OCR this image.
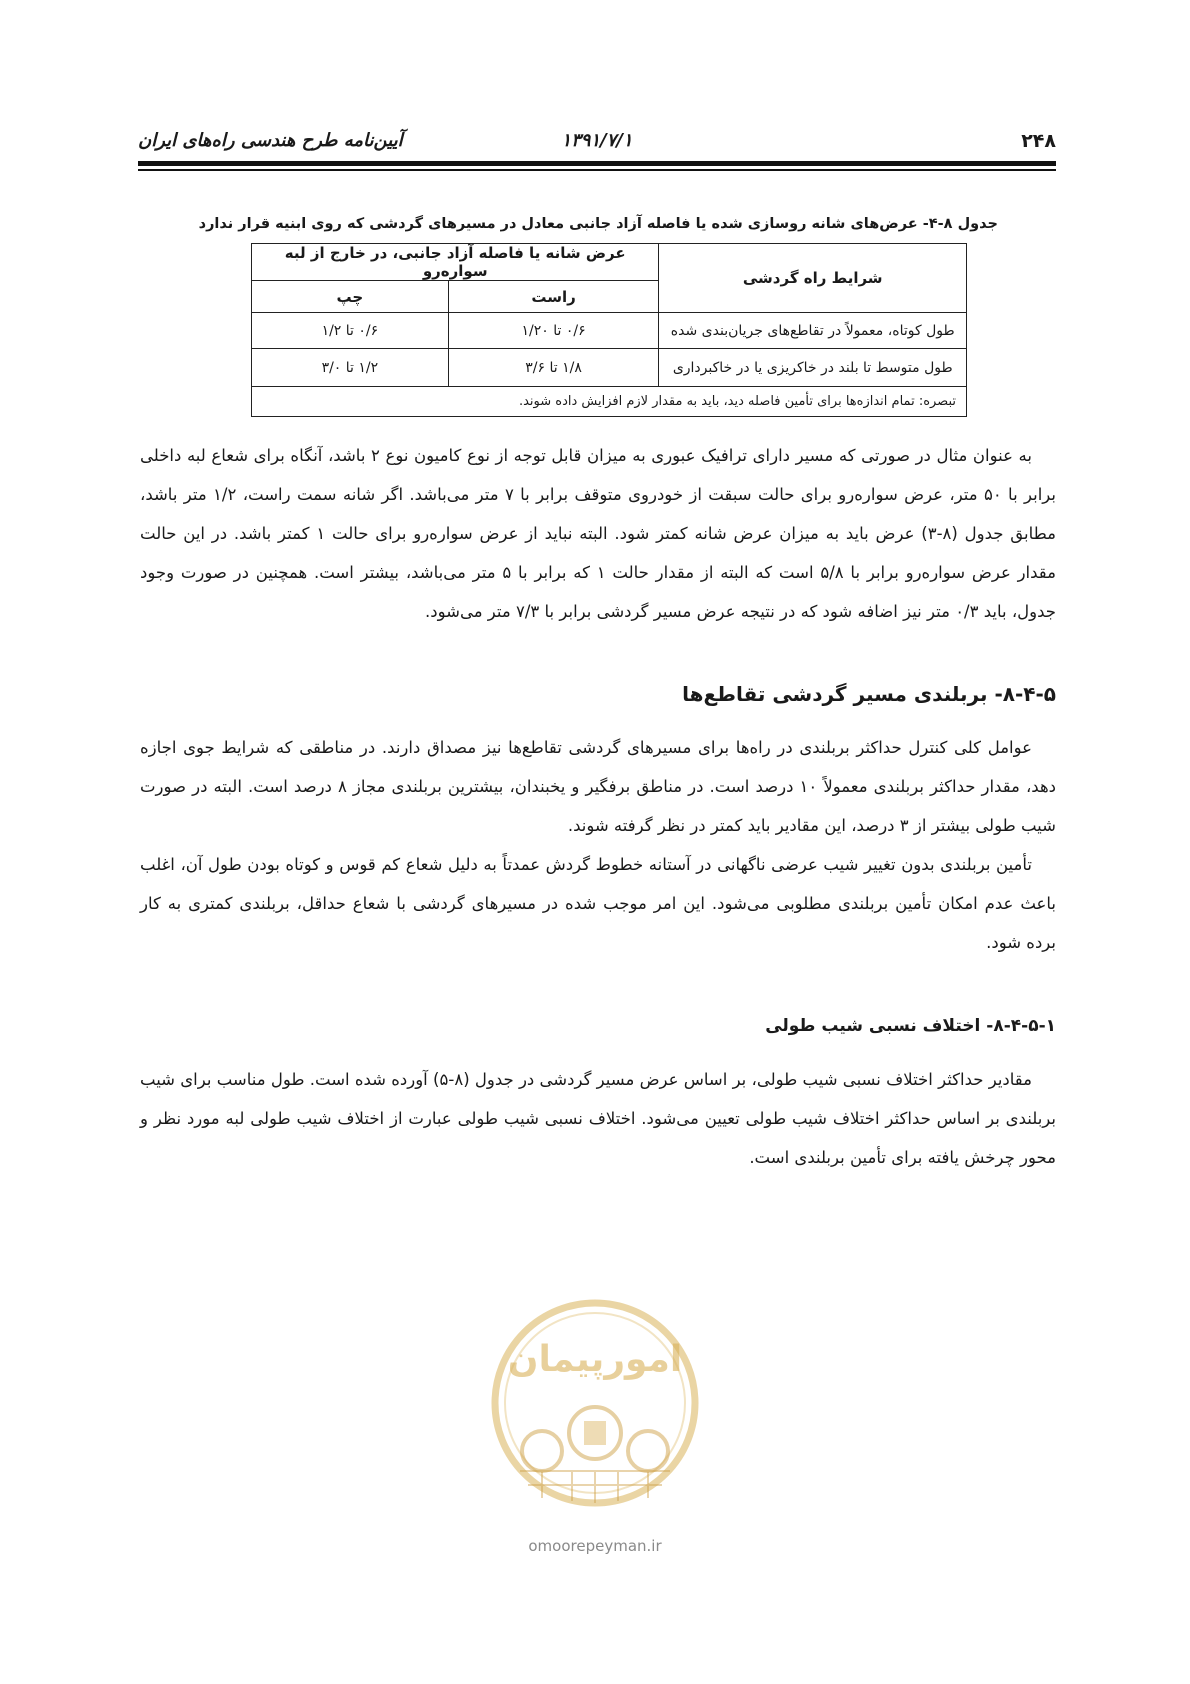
۲۴۸
۱۳۹۱/۷/۱
آیین‌نامه طرح هندسی راه‌های ایران
جدول ۸-۴- عرض‌های شانه روسازی شده یا فاصله آزاد جانبی معادل در مسیرهای گردشی که روی ابنیه قرار ندارد
شرایط راه گردشی	عرض شانه یا فاصله آزاد جانبی، در خارج از لبه سواره‌رو	
	راست	چپ
طول کوتاه، معمولاً در تقاطع‌های جریان‌بندی شده	۰/۶ تا ۱/۲۰	۰/۶ تا ۱/۲
طول متوسط تا بلند در خاکریزی یا در خاکبرداری	۱/۸ تا ۳/۶	۱/۲ تا ۳/۰
تبصره: تمام اندازه‌ها برای تأمین فاصله دید، باید به مقدار لازم افزایش داده شوند.		
به عنوان مثال در صورتی که مسیر دارای ترافیک عبوری به میزان قابل توجه از نوع کامیون نوع ۲ باشد، آنگاه برای شعاع لبه داخلی برابر با ۵۰ متر، عرض سواره‌رو برای حالت سبقت از خودروی متوقف برابر با ۷ متر می‌باشد. اگر شانه سمت راست، ۱/۲ متر باشد، مطابق جدول (۸-۳) عرض باید به میزان عرض شانه کمتر شود. البته نباید از عرض سواره‌رو برای حالت ۱ کمتر باشد. در این حالت مقدار عرض سواره‌رو برابر با ۵/۸ است که البته از مقدار حالت ۱ که برابر با ۵ متر می‌باشد، بیشتر است. همچنین در صورت وجود جدول، باید ۰/۳ متر نیز اضافه شود که در نتیجه عرض مسیر گردشی برابر با ۷/۳ متر می‌شود.
۸-۴-۵- بربلندی مسیر گردشی تقاطع‌ها
عوامل کلی کنترل حداکثر بربلندی در راه‌ها برای مسیرهای گردشی تقاطع‌ها نیز مصداق دارند. در مناطقی که شرایط جوی اجازه دهد، مقدار حداکثر بربلندی معمولاً ۱۰ درصد است. در مناطق برفگیر و یخبندان، بیشترین بربلندی مجاز ۸ درصد است. البته در صورت شیب طولی بیشتر از ۳ درصد، این مقادیر باید کمتر در نظر گرفته شوند.
تأمین بربلندی بدون تغییر شیب عرضی ناگهانی در آستانه خطوط گردش عمدتاً به دلیل شعاع کم قوس و کوتاه بودن طول آن، اغلب باعث عدم امکان تأمین بربلندی مطلوبی می‌شود. این امر موجب شده در مسیرهای گردشی با شعاع حداقل، بربلندی کمتری به کار برده شود.
۸-۴-۵-۱- اختلاف نسبی شیب طولی
مقادیر حداکثر اختلاف نسبی شیب طولی، بر اساس عرض مسیر گردشی در جدول (۸-۵) آورده شده است. طول مناسب برای شیب بربلندی بر اساس حداکثر اختلاف شیب طولی تعیین می‌شود. اختلاف نسبی شیب طولی عبارت از اختلاف شیب طولی لبه مورد نظر و محور چرخش یافته برای تأمین بربلندی است.
امورپیمان
omoorepeyman.ir
